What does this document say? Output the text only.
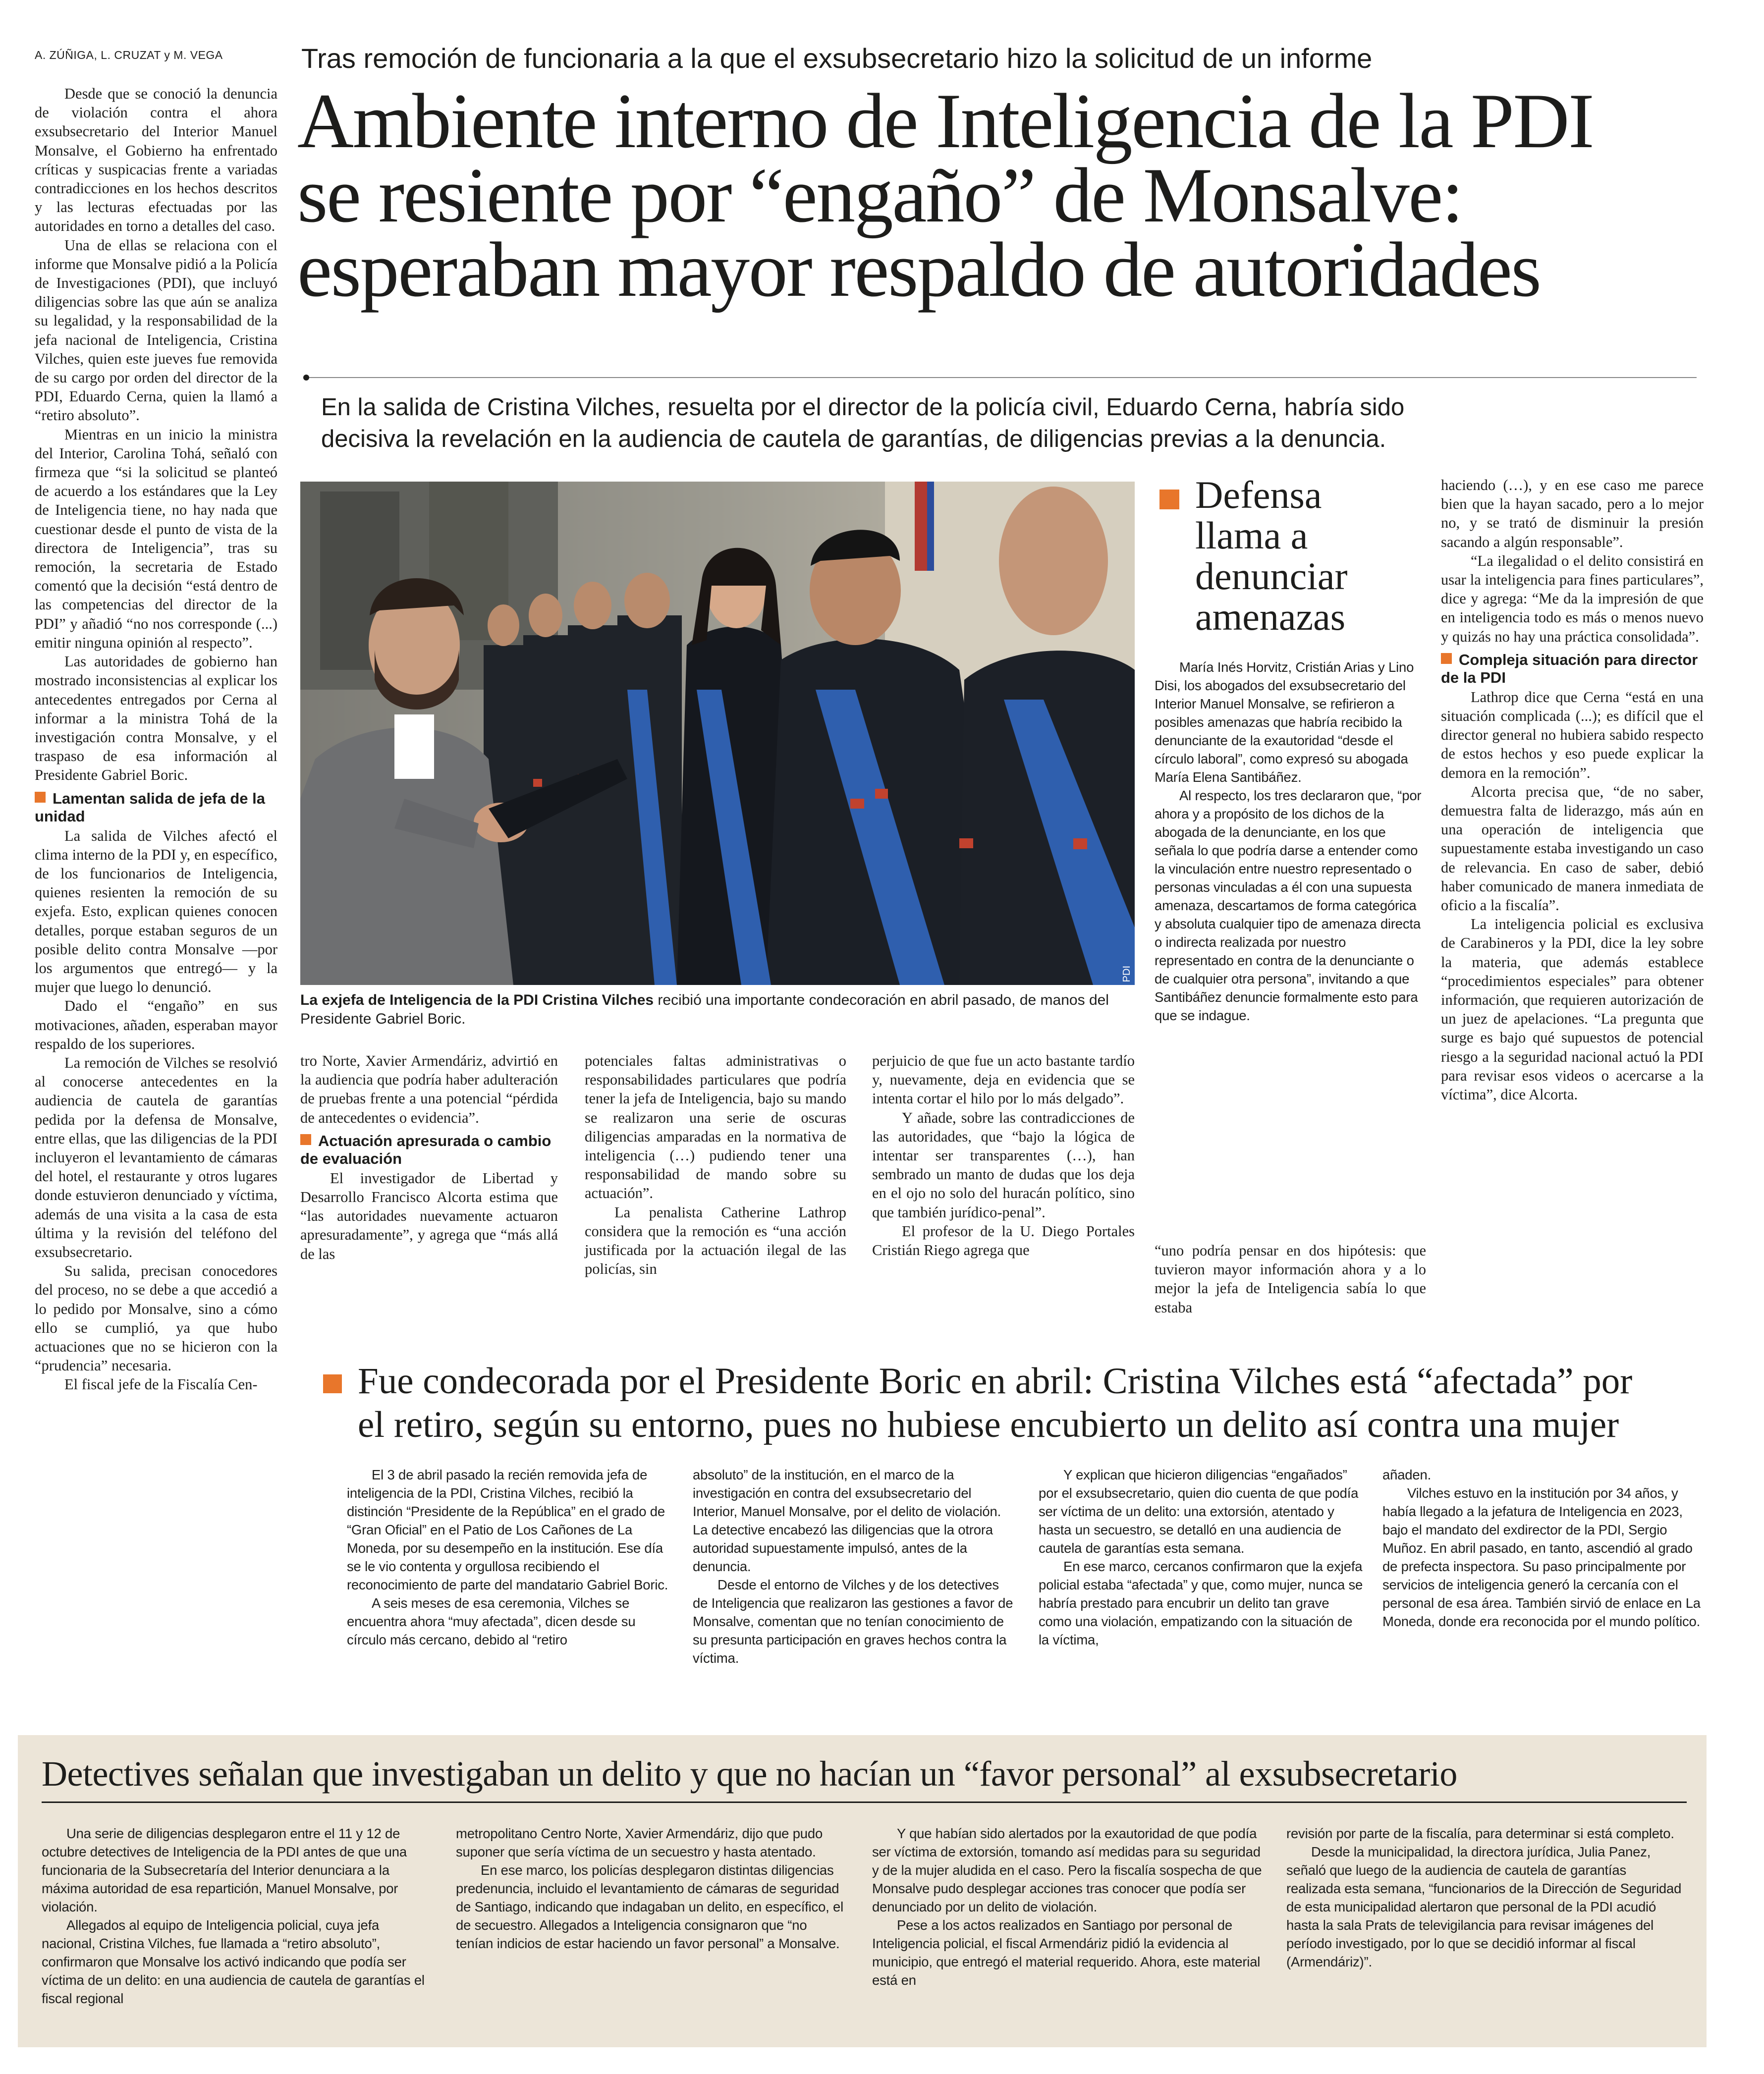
A. ZÚÑIGA, L. CRUZAT y M. VEGA

Desde que se conoció la denuncia de violación contra el ahora exsubsecretario del Interior Manuel Monsalve, el Gobierno ha enfrentado críticas y suspicacias frente a variadas contradicciones en los hechos descritos y las lecturas efectuadas por las autoridades en torno a detalles del caso.

Una de ellas se relaciona con el informe que Monsalve pidió a la Policía de Investigaciones (PDI), que incluyó diligencias sobre las que aún se analiza su legalidad, y la responsabilidad de la jefa nacional de Inteligencia, Cristina Vilches, quien este jueves fue removida de su cargo por orden del director de la PDI, Eduardo Cerna, quien la llamó a “retiro absoluto”.

Mientras en un inicio la ministra del Interior, Carolina Tohá, señaló con firmeza que “si la solicitud se planteó de acuerdo a los estándares que la Ley de Inteligencia tiene, no hay nada que cuestionar desde el punto de vista de la directora de Inteligencia”, tras su remoción, la secretaria de Estado comentó que la decisión “está dentro de las competencias del director de la PDI” y añadió “no nos corresponde (...) emitir ninguna opinión al respecto”.

Las autoridades de gobierno han mostrado inconsistencias al explicar los antecedentes entregados por Cerna al informar a la ministra Tohá de la investigación contra Monsalve, y el traspaso de esa información al Presidente Gabriel Boric.

Lamentan salida de jefa de la unidad

La salida de Vilches afectó el clima interno de la PDI y, en específico, de los funcionarios de Inteligencia, quienes resienten la remoción de su exjefa. Esto, explican quienes conocen detalles, porque estaban seguros de un posible delito contra Monsalve —por los argumentos que entregó— y la mujer que luego lo denunció.

Dado el “engaño” en sus motivaciones, añaden, esperaban mayor respaldo de los superiores.

La remoción de Vilches se resolvió al conocerse antecedentes en la audiencia de cautela de garantías pedida por la defensa de Monsalve, entre ellas, que las diligencias de la PDI incluyeron el levantamiento de cámaras del hotel, el restaurante y otros lugares donde estuvieron denunciado y víctima, además de una visita a la casa de esta última y la revisión del teléfono del exsubsecretario.

Su salida, precisan conocedores del proceso, no se debe a que accedió a lo pedido por Monsalve, sino a cómo ello se cumplió, ya que hubo actuaciones que no se hicieron con la “prudencia” necesaria.

El fiscal jefe de la Fiscalía Cen-

Tras remoción de funcionaria a la que el exsubsecretario hizo la solicitud de un informe
Ambiente interno de Inteligencia de la PDI
se resiente por “engaño” de Monsalve:
esperaban mayor respaldo de autoridades
En la salida de Cristina Vilches, resuelta por el director de la policía civil, Eduardo Cerna, habría sido
decisiva la revelación en la audiencia de cautela de garantías, de diligencias previas a la denuncia.
PDI
La exjefa de Inteligencia de la PDI Cristina Vilches recibió una importante condecoración en abril pasado, de manos del Presidente Gabriel Boric.

tro Norte, Xavier Armendáriz, advirtió en la audiencia que podría haber adulteración de pruebas frente a una potencial “pérdida de antecedentes o evidencia”.

Actuación apresurada o cambio de evaluación

El investigador de Libertad y Desarrollo Francisco Alcorta estima que “las autoridades nuevamente actuaron apresuradamente”, y agrega que “más allá de las

potenciales faltas administrativas o responsabilidades particulares que podría tener la jefa de Inteligencia, bajo su mando se realizaron una serie de oscuras diligencias amparadas en la normativa de inteligencia (…) pudiendo tener una responsabilidad de mando sobre su actuación”.

La penalista Catherine Lathrop considera que la remoción es “una acción justificada por la actuación ilegal de las policías, sin

perjuicio de que fue un acto bastante tardío y, nuevamente, deja en evidencia que se intenta cortar el hilo por lo más delgado”.

Y añade, sobre las contradicciones de las autoridades, que “bajo la lógica de intentar ser transparentes (…), han sembrado un manto de dudas que los deja en el ojo no solo del huracán político, sino que también jurídico-penal”.

El profesor de la U. Diego Portales Cristián Riego agrega que

Defensa llama a denunciar amenazas

María Inés Horvitz, Cristián Arias y Lino Disi, los abogados del exsubsecretario del Interior Manuel Monsalve, se refirieron a posibles amenazas que habría recibido la denunciante de la exautoridad “desde el círculo laboral”, como expresó su abogada María Elena Santibáñez.

Al respecto, los tres declararon que, “por ahora y a propósito de los dichos de la abogada de la denunciante, en los que señala lo que podría darse a entender como la vinculación entre nuestro representado o personas vinculadas a él con una supuesta amenaza, descartamos de forma categórica y absoluta cualquier tipo de amenaza directa o indirecta realizada por nuestro representado en contra de la denunciante o de cualquier otra persona”, invitando a que Santibáñez denuncie formalmente esto para que se indague.

“uno podría pensar en dos hipótesis: que tuvieron mayor información ahora y a lo mejor la jefa de Inteligencia sabía lo que estaba

haciendo (…), y en ese caso me parece bien que la hayan sacado, pero a lo mejor no, y se trató de disminuir la presión sacando a algún responsable”.

“La ilegalidad o el delito consistirá en usar la inteligencia para fines particulares”, dice y agrega: “Me da la impresión de que en inteligencia todo es más o menos nuevo y quizás no hay una práctica consolidada”.

Compleja situación para director de la PDI

Lathrop dice que Cerna “está en una situación complicada (...); es difícil que el director general no hubiera sabido respecto de estos hechos y eso puede explicar la demora en la remoción”.

Alcorta precisa que, “de no saber, demuestra falta de liderazgo, más aún en una operación de inteligencia que supuestamente estaba investigando un caso de relevancia. En caso de saber, debió haber comunicado de manera inmediata de oficio a la fiscalía”.

La inteligencia policial es exclusiva de Carabineros y la PDI, dice la ley sobre la materia, que además establece “procedimientos especiales” para obtener información, que requieren autorización de un juez de apelaciones. “La pregunta que surge es bajo qué supuestos de potencial riesgo a la seguridad nacional actuó la PDI para revisar esos videos o acercarse a la víctima”, dice Alcorta.

Fue condecorada por el Presidente Boric en abril: Cristina Vilches está “afectada” por
el retiro, según su entorno, pues no hubiese encubierto un delito así contra una mujer

El 3 de abril pasado la recién removida jefa de inteligencia de la PDI, Cristina Vilches, recibió la distinción “Presidente de la República” en el grado de “Gran Oficial” en el Patio de Los Cañones de La Moneda, por su desempeño en la institución. Ese día se le vio contenta y orgullosa recibiendo el reconocimiento de parte del mandatario Gabriel Boric.

A seis meses de esa ceremonia, Vilches se encuentra ahora “muy afectada”, dicen desde su círculo más cercano, debido al “retiro

absoluto” de la institución, en el marco de la investigación en contra del exsubsecretario del Interior, Manuel Monsalve, por el delito de violación. La detective encabezó las diligencias que la otrora autoridad supuestamente impulsó, antes de la denuncia.

Desde el entorno de Vilches y de los detectives de Inteligencia que realizaron las gestiones a favor de Monsalve, comentan que no tenían conocimiento de su presunta participación en graves hechos contra la víctima.

Y explican que hicieron diligencias “engañados” por el exsubsecretario, quien dio cuenta de que podía ser víctima de un delito: una extorsión, atentado y hasta un secuestro, se detalló en una audiencia de cautela de garantías esta semana.

En ese marco, cercanos confirmaron que la exjefa policial estaba “afectada” y que, como mujer, nunca se habría prestado para encubrir un delito tan grave como una violación, empatizando con la situación de la víctima,

añaden.

Vilches estuvo en la institución por 34 años, y había llegado a la jefatura de Inteligencia en 2023, bajo el mandato del exdirector de la PDI, Sergio Muñoz. En abril pasado, en tanto, ascendió al grado de prefecta inspectora. Su paso principalmente por servicios de inteligencia generó la cercanía con el personal de esa área. También sirvió de enlace en La Moneda, donde era reconocida por el mundo político.

Detectives señalan que investigaban un delito y que no hacían un “favor personal” al exsubsecretario

Una serie de diligencias desplegaron entre el 11 y 12 de octubre detectives de Inteligencia de la PDI antes de que una funcionaria de la Subsecretaría del Interior denunciara a la máxima autoridad de esa repartición, Manuel Monsalve, por violación.

Allegados al equipo de Inteligencia policial, cuya jefa nacional, Cristina Vilches, fue llamada a “retiro absoluto”, confirmaron que Monsalve los activó indicando que podía ser víctima de un delito: en una audiencia de cautela de garantías el fiscal regional

metropolitano Centro Norte, Xavier Armendáriz, dijo que pudo suponer que sería víctima de un secuestro y hasta atentado.

En ese marco, los policías desplegaron distintas diligencias predenuncia, incluido el levantamiento de cámaras de seguridad de Santiago, indicando que indagaban un delito, en específico, el de secuestro. Allegados a Inteligencia consignaron que “no tenían indicios de estar haciendo un favor personal” a Monsalve.

Y que habían sido alertados por la exautoridad de que podía ser víctima de extorsión, tomando así medidas para su seguridad y de la mujer aludida en el caso. Pero la fiscalía sospecha de que Monsalve pudo desplegar acciones tras conocer que podía ser denunciado por un delito de violación.

Pese a los actos realizados en Santiago por personal de Inteligencia policial, el fiscal Armendáriz pidió la evidencia al municipio, que entregó el material requerido. Ahora, este material está en

revisión por parte de la fiscalía, para determinar si está completo.

Desde la municipalidad, la directora jurídica, Julia Panez, señaló que luego de la audiencia de cautela de garantías realizada esta semana, “funcionarios de la Dirección de Seguridad de esta municipalidad alertaron que personal de la PDI acudió hasta la sala Prats de televigilancia para revisar imágenes del período investigado, por lo que se decidió informar al fiscal (Armendáriz)”.
